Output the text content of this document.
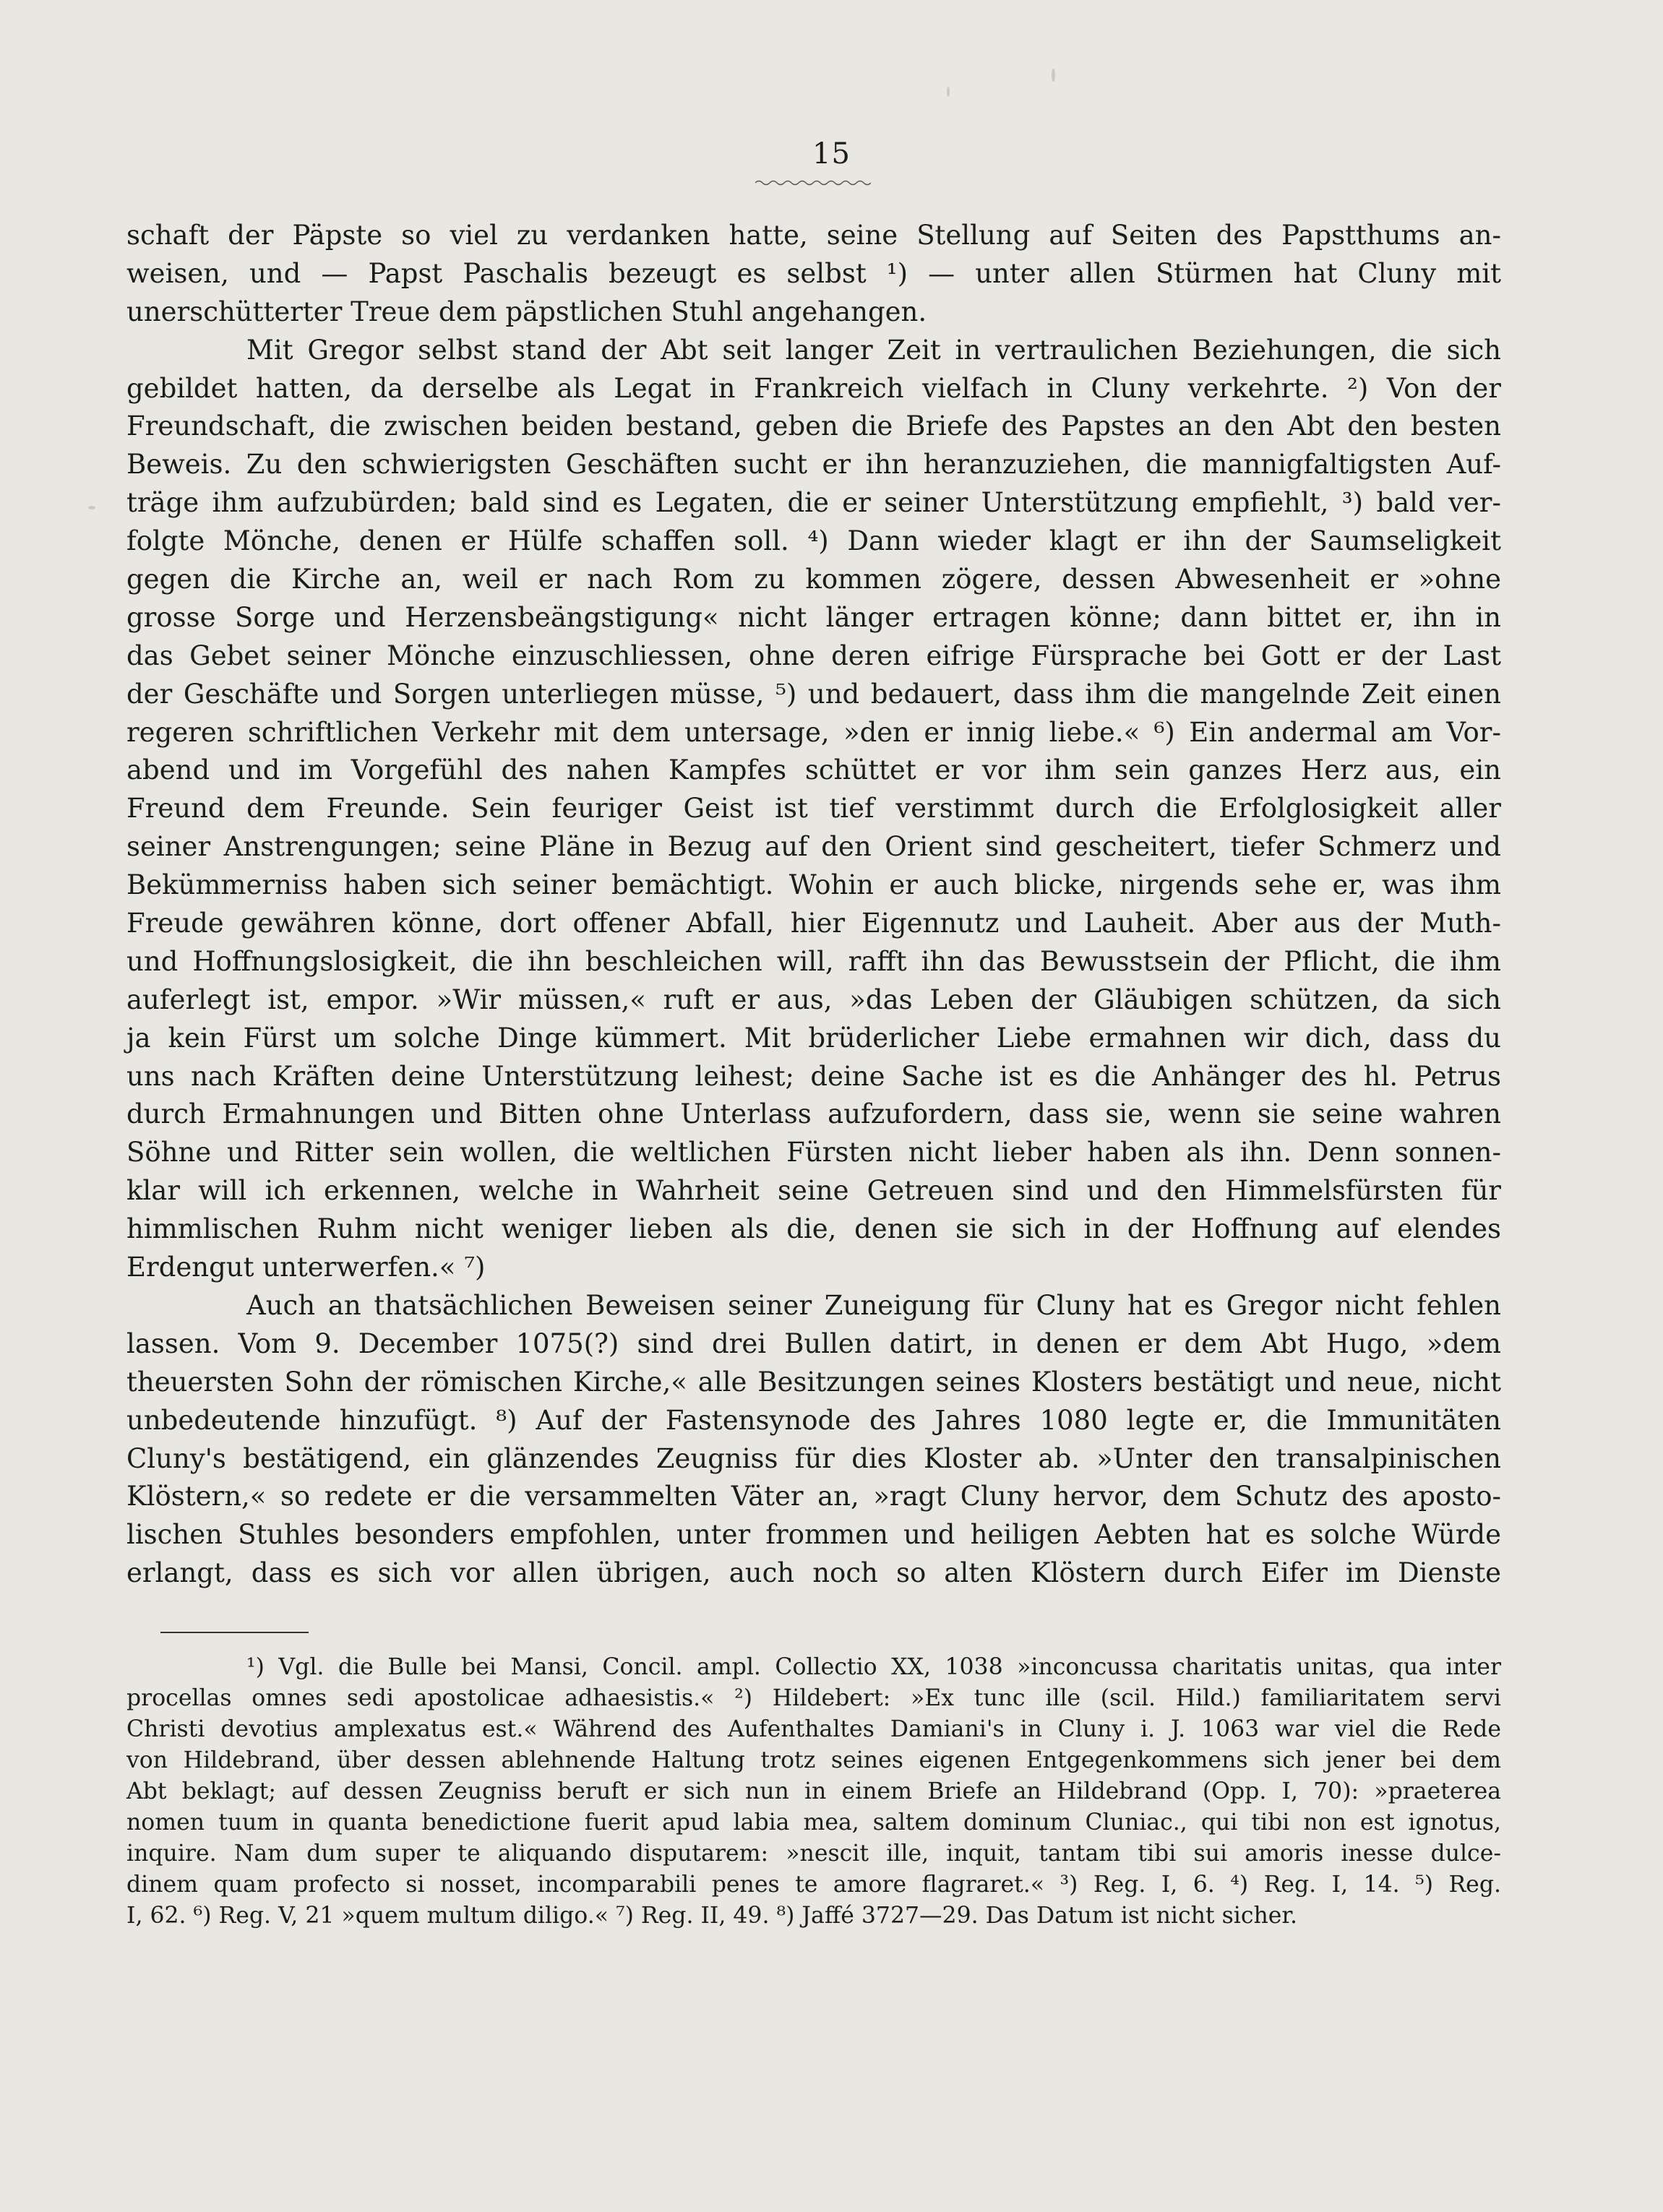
15
schaft der Päpste so viel zu verdanken hatte, seine Stellung auf Seiten des Papstthums an-
weisen, und — Papst Paschalis bezeugt es selbst ¹) — unter allen Stürmen hat Cluny mit
unerschütterter Treue dem päpstlichen Stuhl angehangen.
Mit Gregor selbst stand der Abt seit langer Zeit in vertraulichen Beziehungen, die sich
gebildet hatten, da derselbe als Legat in Frankreich vielfach in Cluny verkehrte. ²) Von der
Freundschaft, die zwischen beiden bestand, geben die Briefe des Papstes an den Abt den besten
Beweis. Zu den schwierigsten Geschäften sucht er ihn heranzuziehen, die mannigfaltigsten Auf-
träge ihm aufzubürden; bald sind es Legaten, die er seiner Unterstützung empfiehlt, ³) bald ver-
folgte Mönche, denen er Hülfe schaffen soll. ⁴) Dann wieder klagt er ihn der Saumseligkeit
gegen die Kirche an, weil er nach Rom zu kommen zögere, dessen Abwesenheit er »ohne
grosse Sorge und Herzensbeängstigung« nicht länger ertragen könne; dann bittet er, ihn in
das Gebet seiner Mönche einzuschliessen, ohne deren eifrige Fürsprache bei Gott er der Last
der Geschäfte und Sorgen unterliegen müsse, ⁵) und bedauert, dass ihm die mangelnde Zeit einen
regeren schriftlichen Verkehr mit dem untersage, »den er innig liebe.« ⁶) Ein andermal am Vor-
abend und im Vorgefühl des nahen Kampfes schüttet er vor ihm sein ganzes Herz aus, ein
Freund dem Freunde. Sein feuriger Geist ist tief verstimmt durch die Erfolglosigkeit aller
seiner Anstrengungen; seine Pläne in Bezug auf den Orient sind gescheitert, tiefer Schmerz und
Bekümmerniss haben sich seiner bemächtigt. Wohin er auch blicke, nirgends sehe er, was ihm
Freude gewähren könne, dort offener Abfall, hier Eigennutz und Lauheit. Aber aus der Muth-
und Hoffnungslosigkeit, die ihn beschleichen will, rafft ihn das Bewusstsein der Pflicht, die ihm
auferlegt ist, empor. »Wir müssen,« ruft er aus, »das Leben der Gläubigen schützen, da sich
ja kein Fürst um solche Dinge kümmert. Mit brüderlicher Liebe ermahnen wir dich, dass du
uns nach Kräften deine Unterstützung leihest; deine Sache ist es die Anhänger des hl. Petrus
durch Ermahnungen und Bitten ohne Unterlass aufzufordern, dass sie, wenn sie seine wahren
Söhne und Ritter sein wollen, die weltlichen Fürsten nicht lieber haben als ihn. Denn sonnen-
klar will ich erkennen, welche in Wahrheit seine Getreuen sind und den Himmelsfürsten für
himmlischen Ruhm nicht weniger lieben als die, denen sie sich in der Hoffnung auf elendes
Erdengut unterwerfen.« ⁷)
Auch an thatsächlichen Beweisen seiner Zuneigung für Cluny hat es Gregor nicht fehlen
lassen. Vom 9. December 1075(?) sind drei Bullen datirt, in denen er dem Abt Hugo, »dem
theuersten Sohn der römischen Kirche,« alle Besitzungen seines Klosters bestätigt und neue, nicht
unbedeutende hinzufügt. ⁸) Auf der Fastensynode des Jahres 1080 legte er, die Immunitäten
Cluny's bestätigend, ein glänzendes Zeugniss für dies Kloster ab. »Unter den transalpinischen
Klöstern,« so redete er die versammelten Väter an, »ragt Cluny hervor, dem Schutz des aposto-
lischen Stuhles besonders empfohlen, unter frommen und heiligen Aebten hat es solche Würde
erlangt, dass es sich vor allen übrigen, auch noch so alten Klöstern durch Eifer im Dienste
¹) Vgl. die Bulle bei Mansi, Concil. ampl. Collectio XX, 1038 »inconcussa charitatis unitas, qua inter
procellas omnes sedi apostolicae adhaesistis.« ²) Hildebert: »Ex tunc ille (scil. Hild.) familiaritatem servi
Christi devotius amplexatus est.« Während des Aufenthaltes Damiani's in Cluny i. J. 1063 war viel die Rede
von Hildebrand, über dessen ablehnende Haltung trotz seines eigenen Entgegenkommens sich jener bei dem
Abt beklagt; auf dessen Zeugniss beruft er sich nun in einem Briefe an Hildebrand (Opp. I, 70): »praeterea
nomen tuum in quanta benedictione fuerit apud labia mea, saltem dominum Cluniac., qui tibi non est ignotus,
inquire. Nam dum super te aliquando disputarem: »nescit ille, inquit, tantam tibi sui amoris inesse dulce-
dinem quam profecto si nosset, incomparabili penes te amore flagraret.« ³) Reg. I, 6. ⁴) Reg. I, 14. ⁵) Reg.
I, 62. ⁶) Reg. V, 21 »quem multum diligo.« ⁷) Reg. II, 49. ⁸) Jaffé 3727—29. Das Datum ist nicht sicher.
